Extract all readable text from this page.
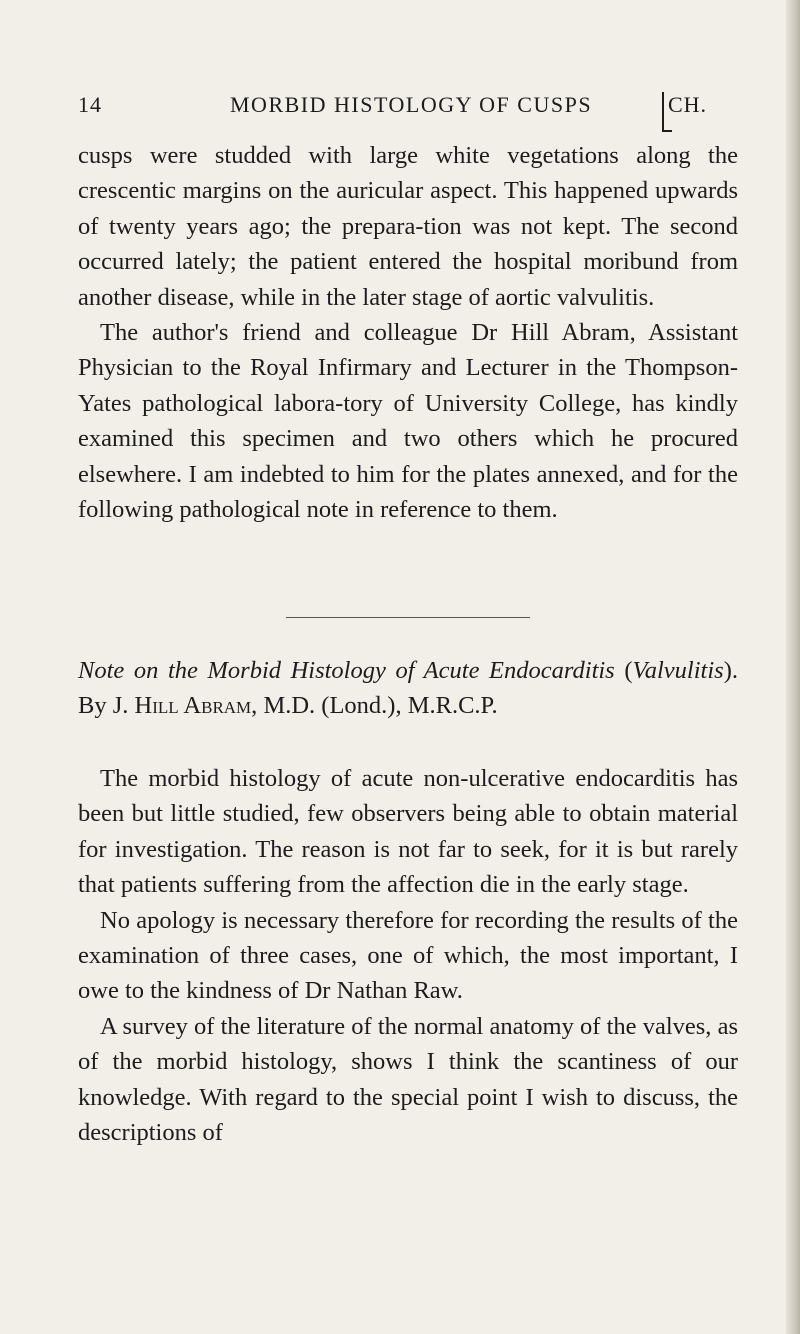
14	MORBID HISTOLOGY OF CUSPS	CH.

cusps were studded with large white vegetations along the crescentic margins on the auricular aspect. This happened upwards of twenty years ago; the prepara-tion was not kept. The second occurred lately; the patient entered the hospital moribund from another disease, while in the later stage of aortic valvulitis.

The author's friend and colleague Dr Hill Abram, Assistant Physician to the Royal Infirmary and Lecturer in the Thompson-Yates pathological labora-tory of University College, has kindly examined this specimen and two others which he procured elsewhere. I am indebted to him for the plates annexed, and for the following pathological note in reference to them.

Note on the Morbid Histology of Acute Endocarditis (Valvulitis). By J. Hill Abram, M.D. (Lond.), M.R.C.P.

The morbid histology of acute non-ulcerative endocarditis has been but little studied, few observers being able to obtain material for investigation. The reason is not far to seek, for it is but rarely that patients suffering from the affection die in the early stage.

No apology is necessary therefore for recording the results of the examination of three cases, one of which, the most important, I owe to the kindness of Dr Nathan Raw.

A survey of the literature of the normal anatomy of the valves, as of the morbid histology, shows I think the scantiness of our knowledge. With regard to the special point I wish to discuss, the descriptions of
